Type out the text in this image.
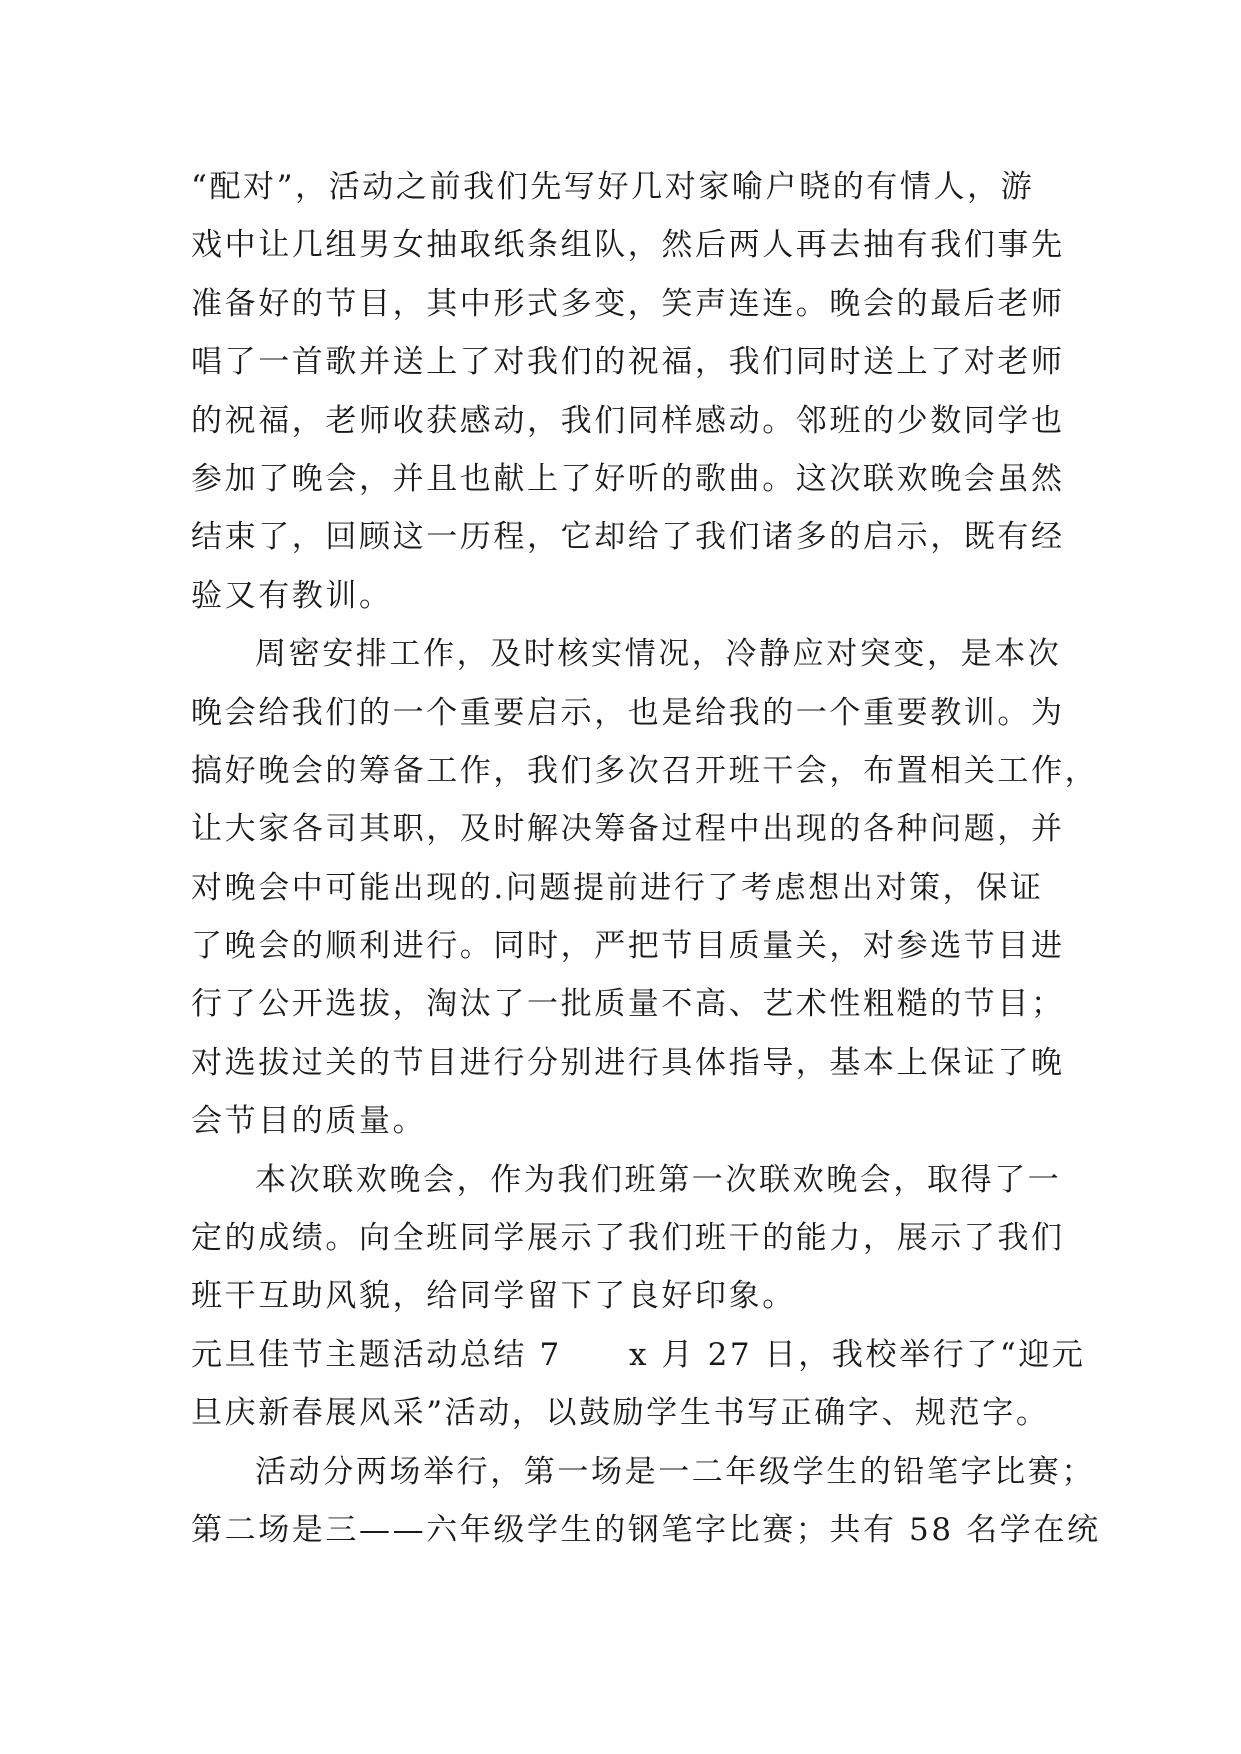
“配对”，活动之前我们先写好几对家喻户晓的有情人，游
戏中让几组男女抽取纸条组队，然后两人再去抽有我们事先
准备好的节目，其中形式多变，笑声连连。晚会的最后老师
唱了一首歌并送上了对我们的祝福，我们同时送上了对老师
的祝福，老师收获感动，我们同样感动。邻班的少数同学也
参加了晚会，并且也献上了好听的歌曲。这次联欢晚会虽然
结束了，回顾这一历程，它却给了我们诸多的启示，既有经
验又有教训。
周密安排工作，及时核实情况，冷静应对突变，是本次
晚会给我们的一个重要启示，也是给我的一个重要教训。为
搞好晚会的筹备工作，我们多次召开班干会，布置相关工作，
让大家各司其职，及时解决筹备过程中出现的各种问题，并
对晚会中可能出现的.问题提前进行了考虑想出对策，保证
了晚会的顺利进行。同时，严把节目质量关，对参选节目进
行了公开选拔，淘汰了一批质量不高、艺术性粗糙的节目；
对选拔过关的节目进行分别进行具体指导，基本上保证了晚
会节目的质量。
本次联欢晚会，作为我们班第一次联欢晚会，取得了一
定的成绩。向全班同学展示了我们班干的能力，展示了我们
班干互助风貌，给同学留下了良好印象。
元旦佳节主题活动总结 7　　x 月 27 日，我校举行了“迎元
旦庆新春展风采”活动，以鼓励学生书写正确字、规范字。
活动分两场举行，第一场是一二年级学生的铅笔字比赛；
第二场是三——六年级学生的钢笔字比赛；共有 58 名学在统
